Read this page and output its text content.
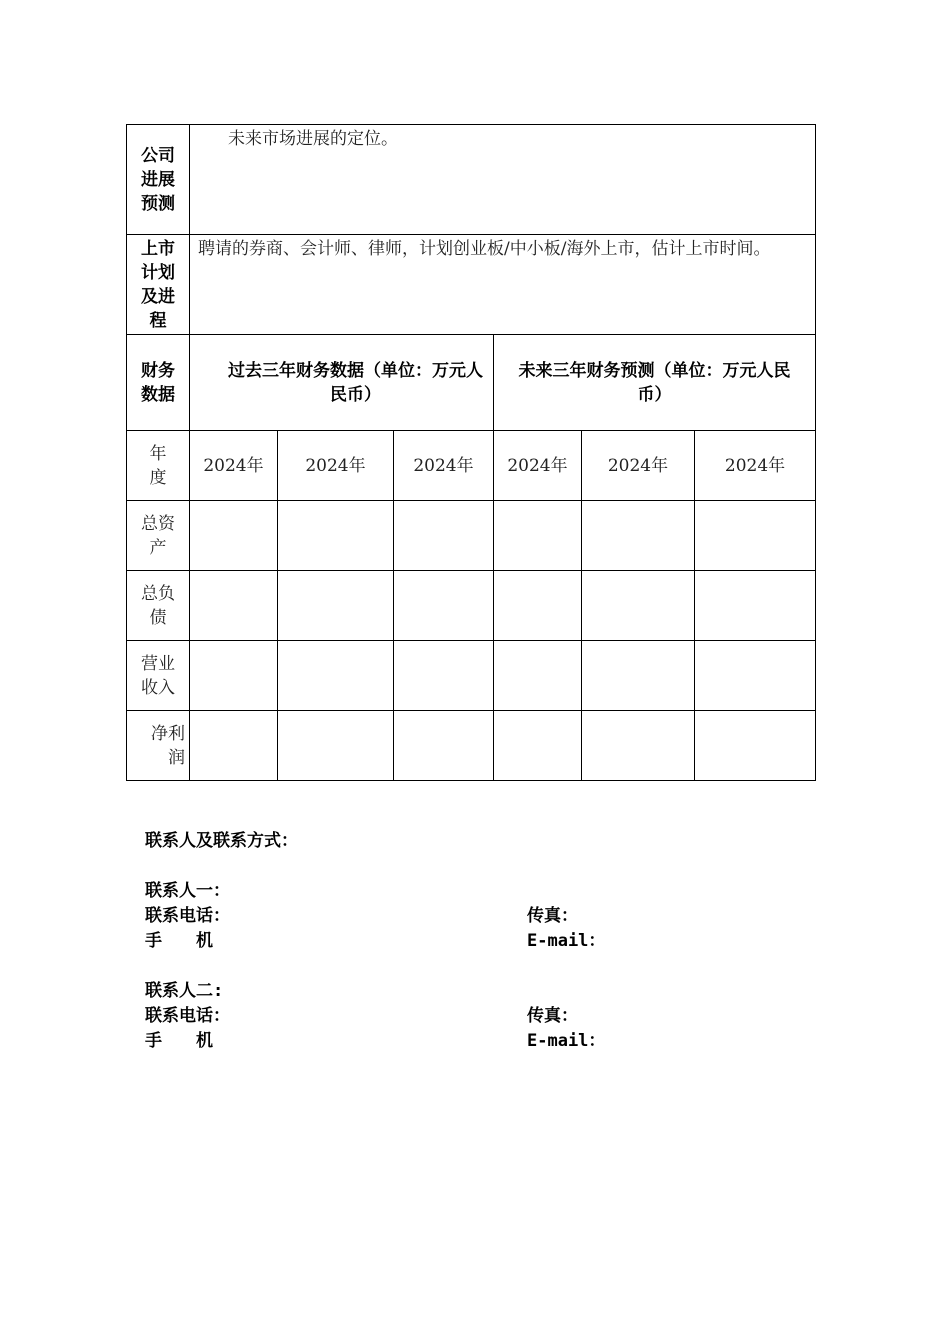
公司进展预测	未来市场进展的定位。					
上市计划及进程	聘请的券商、会计师、律师，计划创业板/中小板/海外上市，估计上市时间。					
财务数据	过去三年财务数据（单位：万元人民币）			未来三年财务预测（单位：万元人民币）		
年度	2024年	2024年	2024年	2024年	2024年	2024年
总资产						
总负债						
营业收入						
净利润						
联系人及联系方式：
联系人一：
联系电话：
手　　机
传真：
E-mail：
联系人二:
联系电话：
手　　机
传真：
E-mail：
